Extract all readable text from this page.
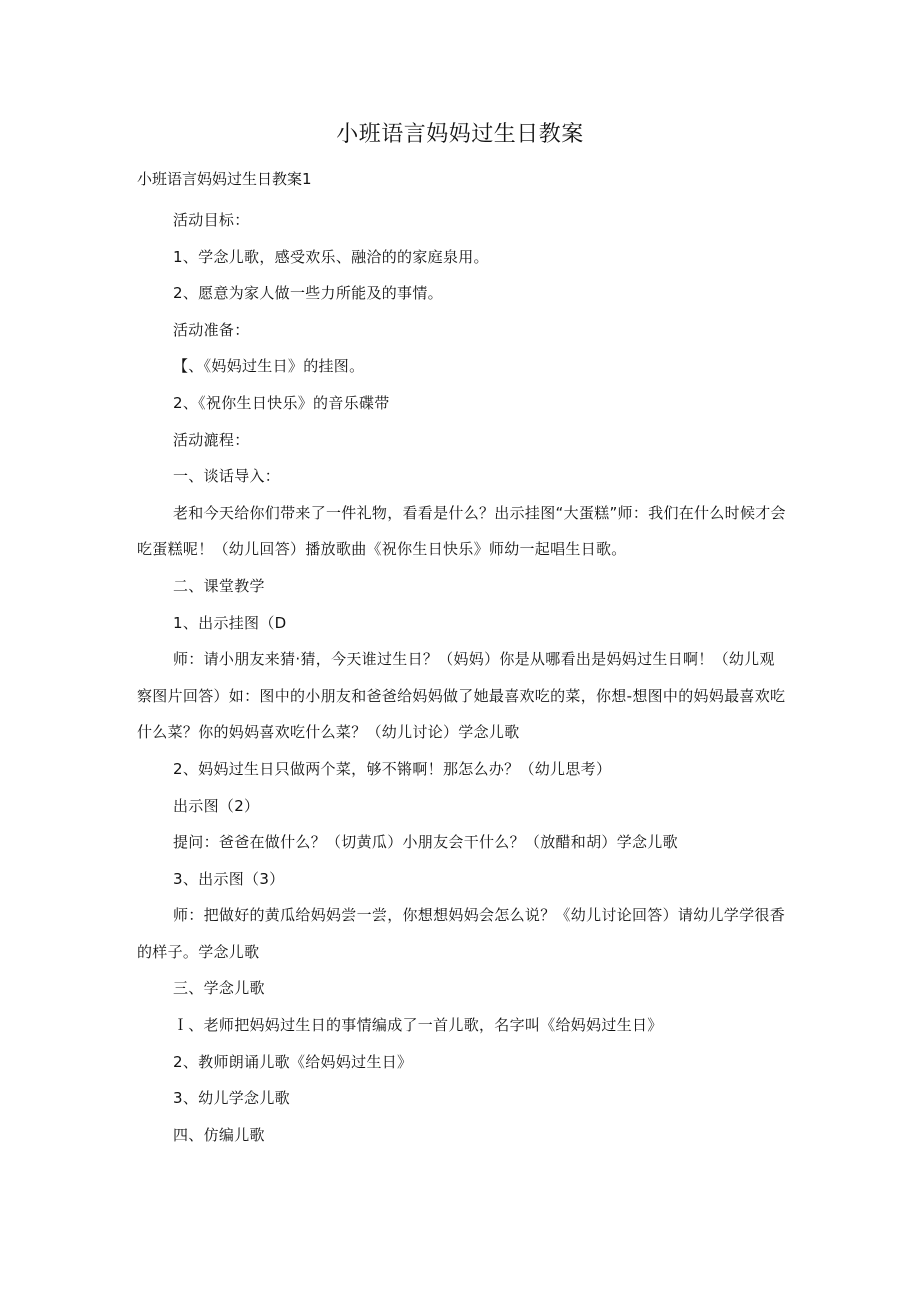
小班语言妈妈过生日教案
小班语言妈妈过生日教案1

活动目标：

1、学念儿歌，感受欢乐、融洽的的家庭泉用。

2、愿意为家人做一些力所能及的事情。

活动准备：

【、《妈妈过生日》的挂图。

2、《祝你生日快乐》的音乐碟带

活动漉程：

一、谈话导入：

老和今天给你们带来了一件礼物，看看是什么？出示挂图“大蛋糕”师：我们在什么时候才会吃蛋糕呢！（幼儿回答）播放歌曲《祝你生日快乐》师幼一起唱生日歌。

二、课堂教学

1、出示挂图（D

师：请小朋友来猜·猜，今天谁过生日？（妈妈）你是从哪看出是妈妈过生日啊！（幼儿观察图片回答）如：图中的小朋友和爸爸给妈妈做了她最喜欢吃的菜，你想-想图中的妈妈最喜欢吃什么菜？你的妈妈喜欢吃什么菜？（幼儿讨论）学念儿歌

2、妈妈过生日只做两个菜，够不锵啊！那怎么办？（幼儿思考）

出示图（2）

提问：爸爸在做什么？（切黄瓜）小朋友会干什么？（放醋和胡）学念儿歌

3、出示图（3）

师：把做好的黄瓜给妈妈尝一尝，你想想妈妈会怎么说？《幼儿讨论回答）请幼儿学学很香的样子。学念儿歌

三、学念儿歌

Ｉ、老师把妈妈过生日的事情编成了一首儿歌，名字叫《给妈妈过生日》

2、教师朗诵儿歌《给妈妈过生日》

3、幼儿学念儿歌

四、仿编儿歌
